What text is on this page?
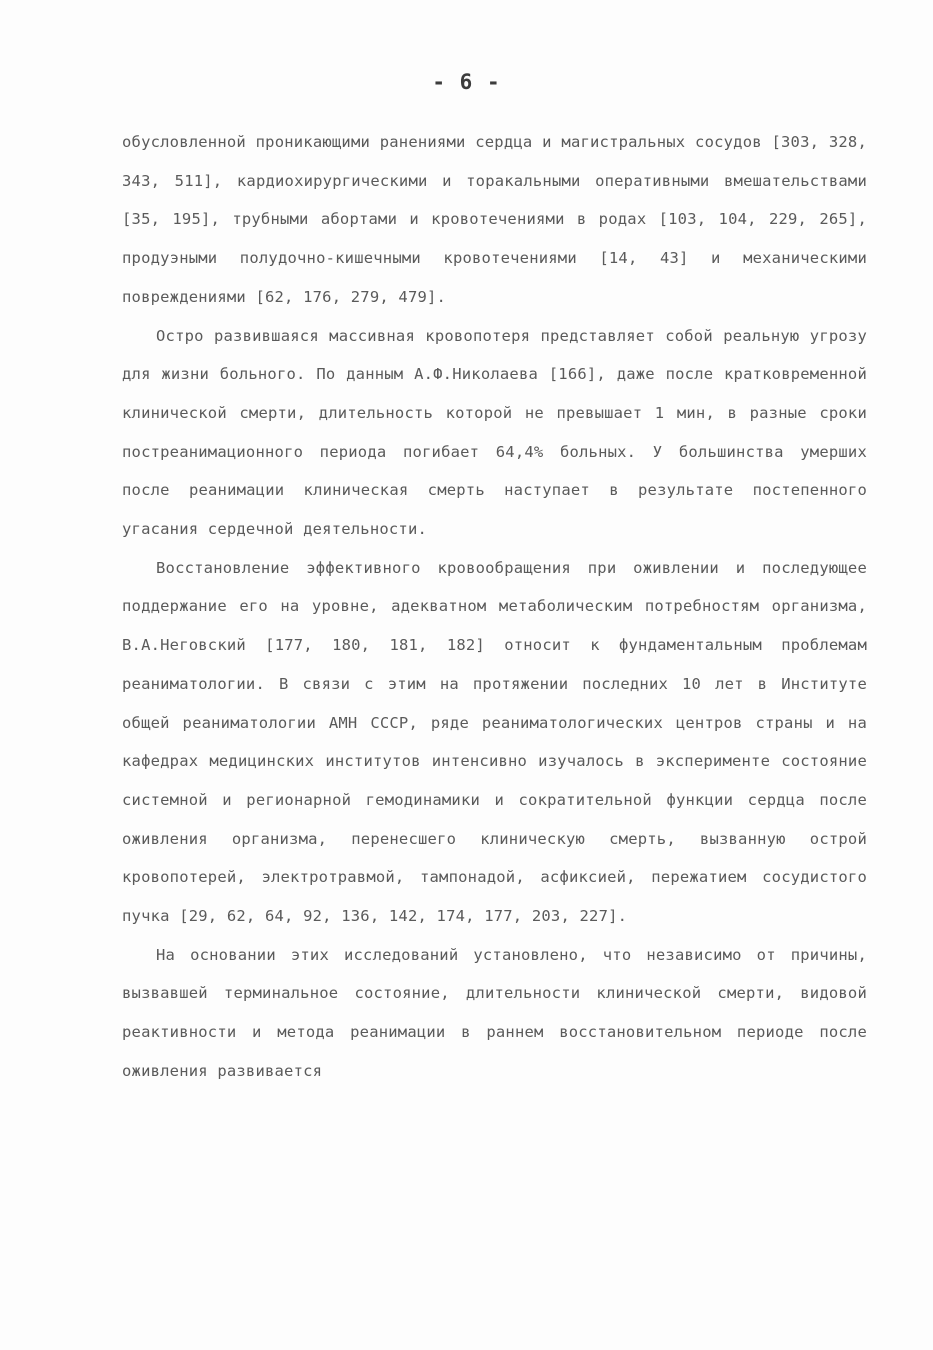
- 6 -

обусловленной проникающими ранениями сердца и магистральных сосудов [303, 328, 343, 511], кардиохирургическими и торакальными оперативными вмешательствами [35, 195], трубными абортами и кровотечениями в родах [103, 104, 229, 265], продуэными полудочно-кишечными кровотечениями [14, 43] и механическими повреждениями [62, 176, 279, 479].

Остро развившаяся массивная кровопотеря представляет собой реальную угрозу для жизни больного. По данным А.Ф.Николаева [166], даже после кратковременной клинической смерти, длительность которой не превышает 1 мин, в разные сроки постреанимационного периода погибает 64,4% больных. У большинства умерших после реанимации клиническая смерть наступает в результате постепенного угасания сердечной деятельности.

Восстановление эффективного кровообращения при оживлении и последующее поддержание его на уровне, адекватном метаболическим потребностям организма, В.А.Неговский [177, 180, 181, 182] относит к фундаментальным проблемам реаниматологии. В связи с этим на протяжении последних 10 лет в Институте общей реаниматологии АМН СССР, ряде реаниматологических центров страны и на кафедрах медицинских институтов интенсивно изучалось в эксперименте состояние системной и регионарной гемодинамики и сократительной функции сердца после оживления организма, перенесшего клиническую смерть, вызванную острой кровопотерей, электротравмой, тампонадой, асфиксией, пережатием сосудистого пучка [29, 62, 64, 92, 136, 142, 174, 177, 203, 227].

На основании этих исследований установлено, что независимо от причины, вызвавшей терминальное состояние, длительности клинической смерти, видовой реактивности и метода реанимации в раннем восстановительном периоде после оживления развивается
